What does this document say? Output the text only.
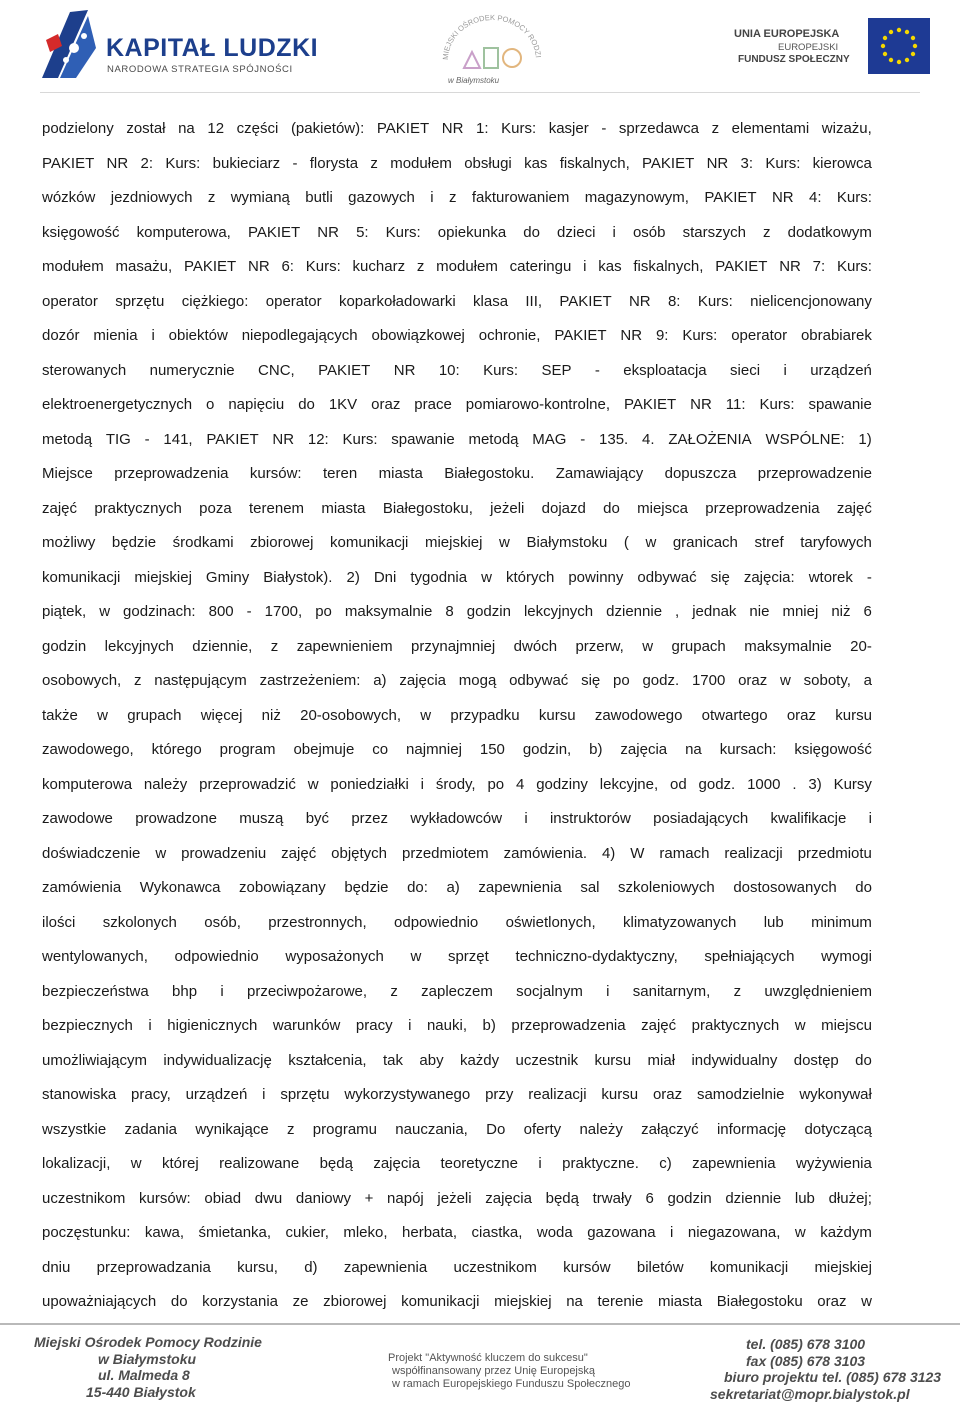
KAPITAŁ LUDZKI
NARODOWA STRATEGIA SPÓJNOŚCI
MIEJSKI OŚRODEK POMOCY RODZI
w Białymstoku
UNIA EUROPEJSKA
EUROPEJSKI
FUNDUSZ SPOŁECZNY
podzielony został na 12 części (pakietów): PAKIET NR 1: Kurs: kasjer - sprzedawca z elementami wizażu,
PAKIET NR 2: Kurs: bukieciarz - florysta z modułem obsługi kas fiskalnych, PAKIET NR 3: Kurs: kierowca
wózków jezdniowych z wymianą butli gazowych i z fakturowaniem magazynowym, PAKIET NR 4: Kurs:
księgowość komputerowa, PAKIET NR 5: Kurs: opiekunka do dzieci i osób starszych z dodatkowym
modułem masażu, PAKIET NR 6: Kurs: kucharz z modułem cateringu i kas fiskalnych, PAKIET NR 7: Kurs:
operator sprzętu ciężkiego: operator koparkoładowarki klasa III, PAKIET NR 8: Kurs: nielicencjonowany
dozór mienia i obiektów niepodlegających obowiązkowej ochronie, PAKIET NR 9: Kurs: operator obrabiarek
sterowanych numerycznie CNC, PAKIET NR 10: Kurs: SEP - eksploatacja sieci i urządzeń
elektroenergetycznych o napięciu do 1KV oraz prace pomiarowo-kontrolne, PAKIET NR 11: Kurs: spawanie
metodą TIG - 141, PAKIET NR 12: Kurs: spawanie metodą MAG - 135. 4. ZAŁOŻENIA WSPÓLNE: 1)
Miejsce przeprowadzenia kursów: teren miasta Białegostoku. Zamawiający dopuszcza przeprowadzenie
zajęć praktycznych poza terenem miasta Białegostoku, jeżeli dojazd do miejsca przeprowadzenia zajęć
możliwy będzie środkami zbiorowej komunikacji miejskiej w Białymstoku ( w granicach stref taryfowych
komunikacji miejskiej Gminy Białystok). 2) Dni tygodnia w których powinny odbywać się zajęcia: wtorek -
piątek, w godzinach: 800 - 1700, po maksymalnie 8 godzin lekcyjnych dziennie , jednak nie mniej niż 6
godzin lekcyjnych dziennie, z zapewnieniem przynajmniej dwóch przerw, w grupach maksymalnie 20-
osobowych, z następującym zastrzeżeniem: a) zajęcia mogą odbywać się po godz. 1700 oraz w soboty, a
także w grupach więcej niż 20-osobowych, w przypadku kursu zawodowego otwartego oraz kursu
zawodowego, którego program obejmuje co najmniej 150 godzin, b) zajęcia na kursach: księgowość
komputerowa należy przeprowadzić w poniedziałki i środy, po 4 godziny lekcyjne, od godz. 1000 . 3) Kursy
zawodowe prowadzone muszą być przez wykładowców i instruktorów posiadających kwalifikacje i
doświadczenie w prowadzeniu zajęć objętych przedmiotem zamówienia. 4) W ramach realizacji przedmiotu
zamówienia Wykonawca zobowiązany będzie do: a) zapewnienia sal szkoleniowych dostosowanych do
ilości szkolonych osób, przestronnych, odpowiednio oświetlonych, klimatyzowanych lub minimum
wentylowanych, odpowiednio wyposażonych w sprzęt techniczno-dydaktyczny, spełniających wymogi
bezpieczeństwa bhp i przeciwpożarowe, z zapleczem socjalnym i sanitarnym, z uwzględnieniem
bezpiecznych i higienicznych warunków pracy i nauki, b) przeprowadzenia zajęć praktycznych w miejscu
umożliwiającym indywidualizację kształcenia, tak aby każdy uczestnik kursu miał indywidualny dostęp do
stanowiska pracy, urządzeń i sprzętu wykorzystywanego przy realizacji kursu oraz samodzielnie wykonywał
wszystkie zadania wynikające z programu nauczania, Do oferty należy załączyć informację dotyczącą
lokalizacji, w której realizowane będą zajęcia teoretyczne i praktyczne. c) zapewnienia wyżywienia
uczestnikom kursów: obiad dwu daniowy + napój jeżeli zajęcia będą trwały 6 godzin dziennie lub dłużej;
poczęstunku: kawa, śmietanka, cukier, mleko, herbata, ciastka, woda gazowana i niegazowana, w każdym
dniu przeprowadzania kursu, d) zapewnienia uczestnikom kursów biletów komunikacji miejskiej
upoważniających do korzystania ze zbiorowej komunikacji miejskiej na terenie miasta Białegostoku oraz w
Miejski Ośrodek Pomocy Rodzinie
w Białymstoku
ul. Malmeda 8
15-440 Białystok
Projekt "Aktywność kluczem do sukcesu"
współfinansowany przez Unię Europejską
w ramach Europejskiego Funduszu Społecznego
tel. (085) 678 3100
fax (085) 678 3103
biuro projektu tel. (085) 678 3123
sekretariat@mopr.bialystok.pl
